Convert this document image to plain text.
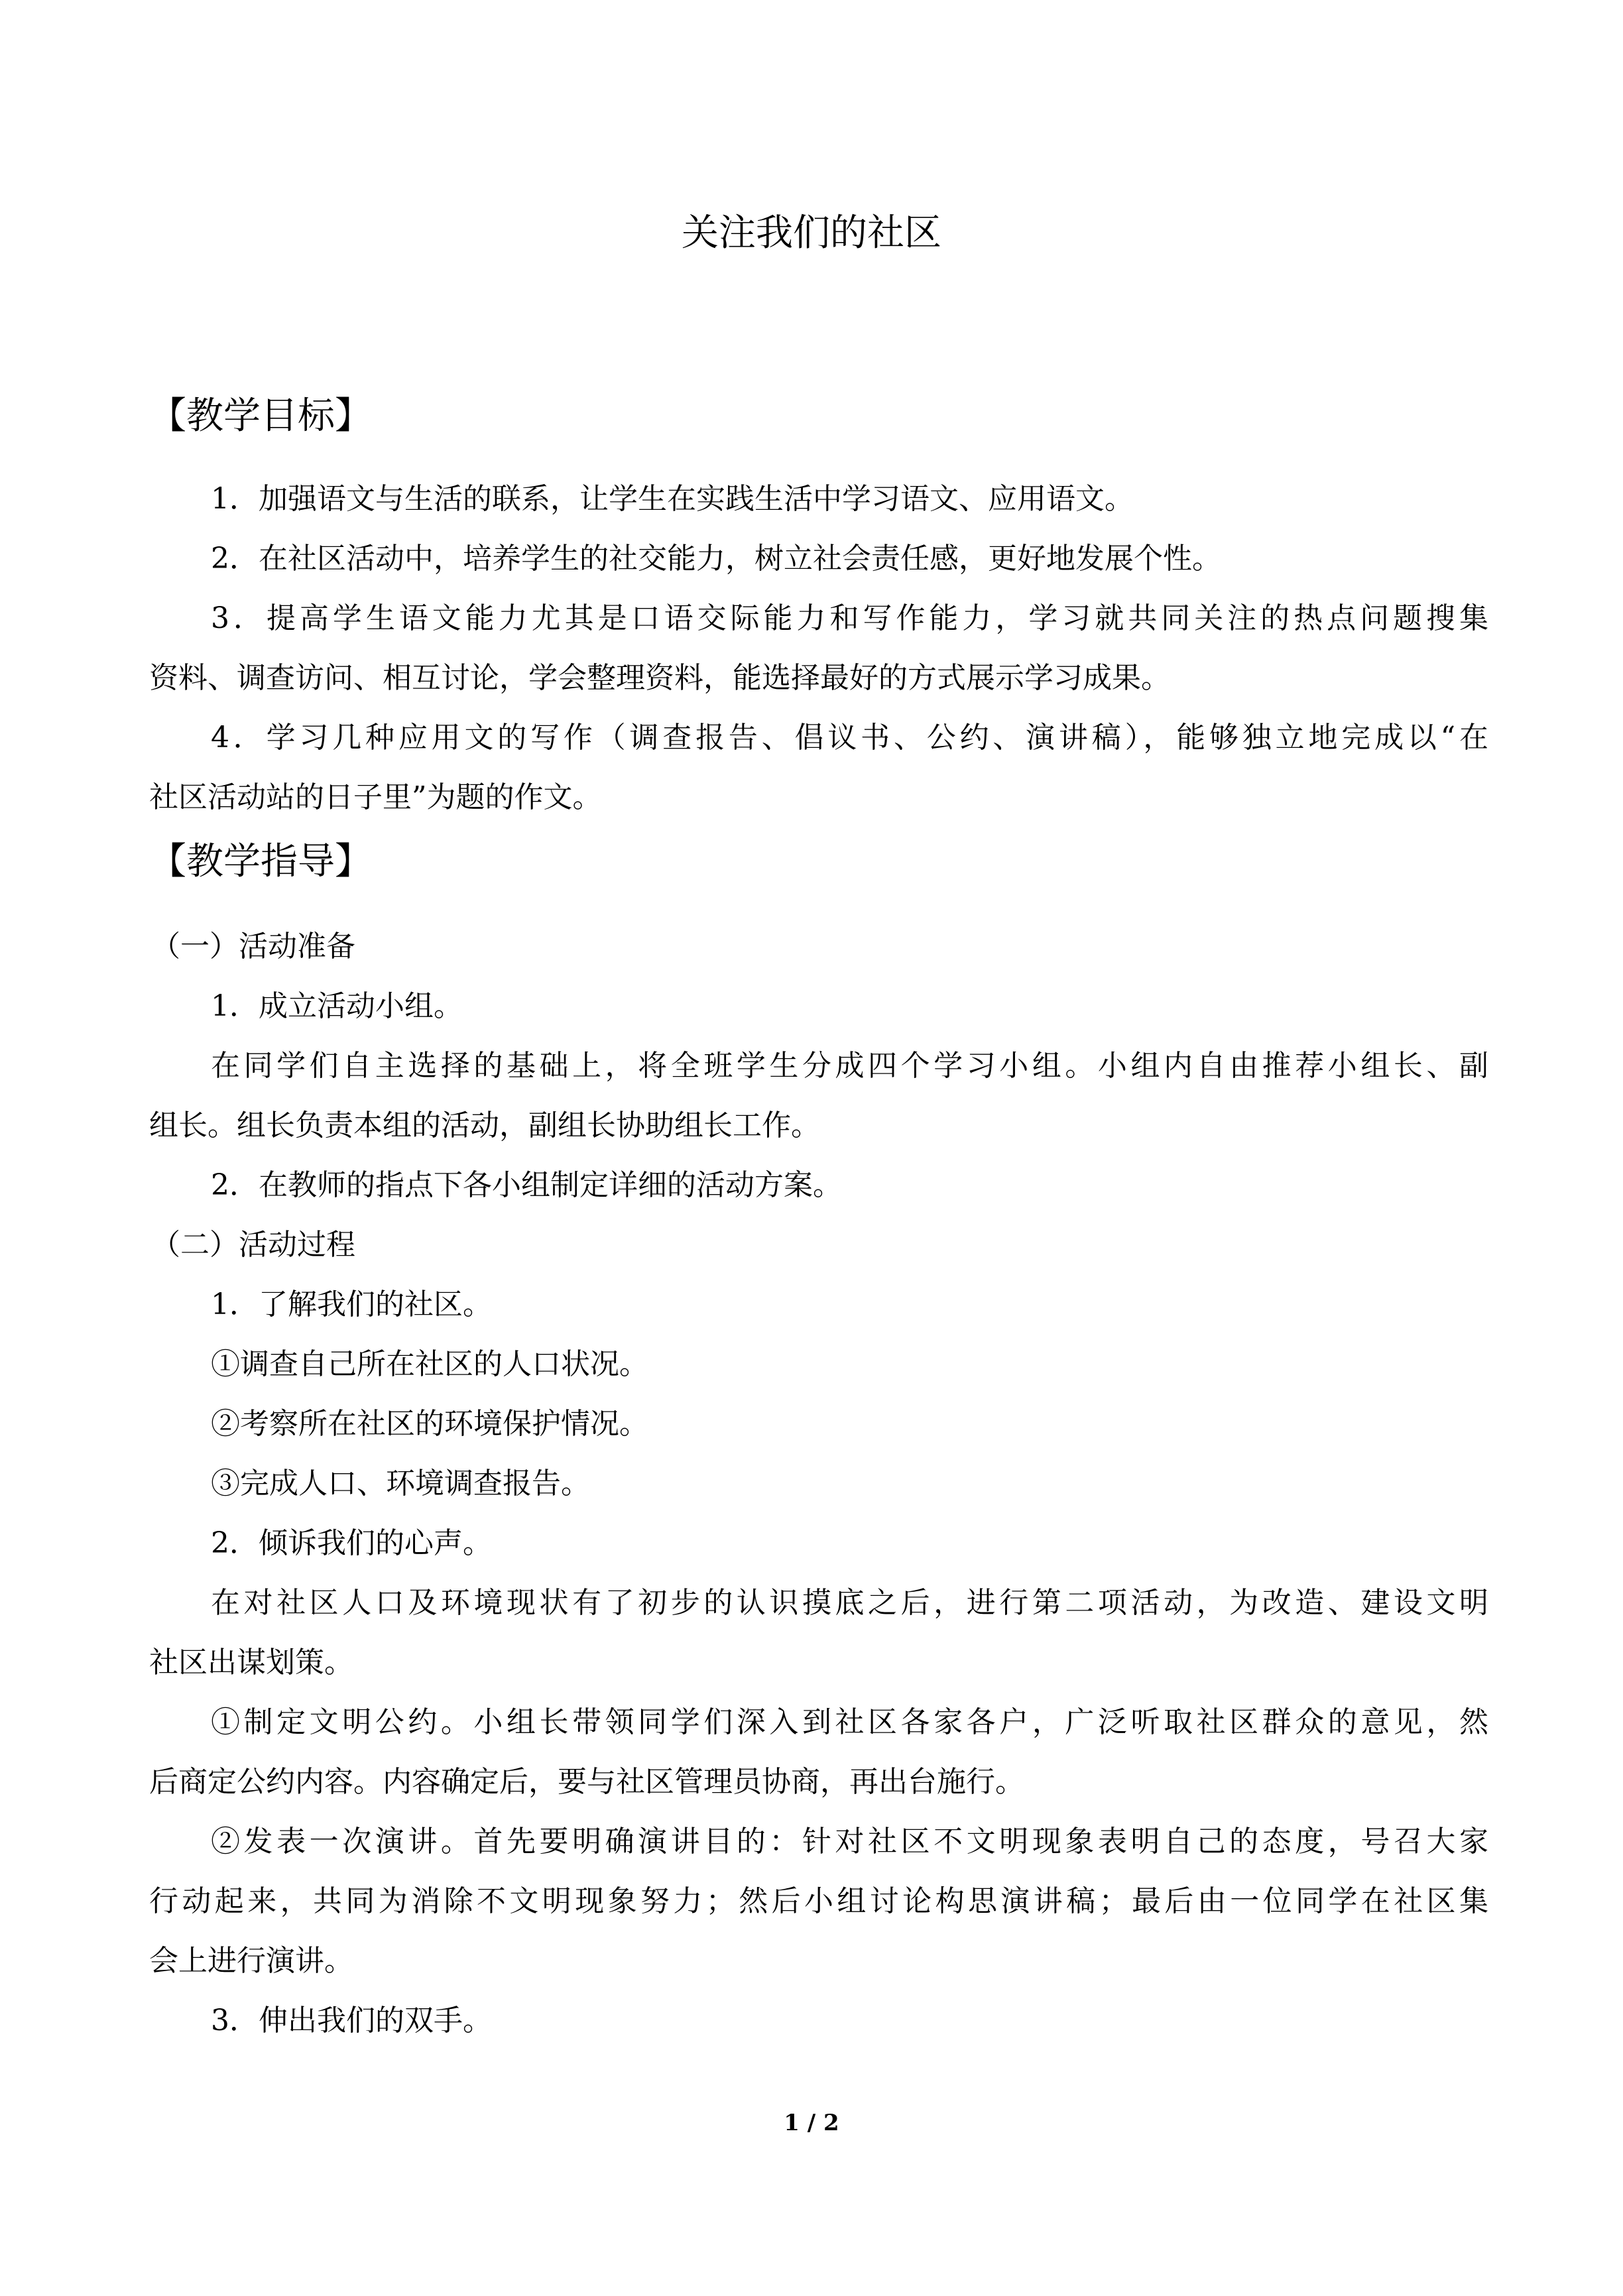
关注我们的社区
【教学目标】
1．加强语文与生活的联系，让学生在实践生活中学习语文、应用语文。
2．在社区活动中，培养学生的社交能力，树立社会责任感，更好地发展个性。
3．提高学生语文能力尤其是口语交际能力和写作能力，学习就共同关注的热点问题搜集
资料、调查访问、相互讨论，学会整理资料，能选择最好的方式展示学习成果。
4．学习几种应用文的写作（调查报告、倡议书、公约、演讲稿），能够独立地完成以“在
社区活动站的日子里”为题的作文。
【教学指导】
（一）活动准备
1．成立活动小组。
在同学们自主选择的基础上，将全班学生分成四个学习小组。小组内自由推荐小组长、副
组长。组长负责本组的活动，副组长协助组长工作。
2．在教师的指点下各小组制定详细的活动方案。
（二）活动过程
1．了解我们的社区。
①调查自己所在社区的人口状况。
②考察所在社区的环境保护情况。
③完成人口、环境调查报告。
2．倾诉我们的心声。
在对社区人口及环境现状有了初步的认识摸底之后，进行第二项活动，为改造、建设文明
社区出谋划策。
①制定文明公约。小组长带领同学们深入到社区各家各户，广泛听取社区群众的意见，然
后商定公约内容。内容确定后，要与社区管理员协商，再出台施行。
②发表一次演讲。首先要明确演讲目的：针对社区不文明现象表明自己的态度，号召大家
行动起来，共同为消除不文明现象努力；然后小组讨论构思演讲稿；最后由一位同学在社区集
会上进行演讲。
3．伸出我们的双手。
1 / 2
